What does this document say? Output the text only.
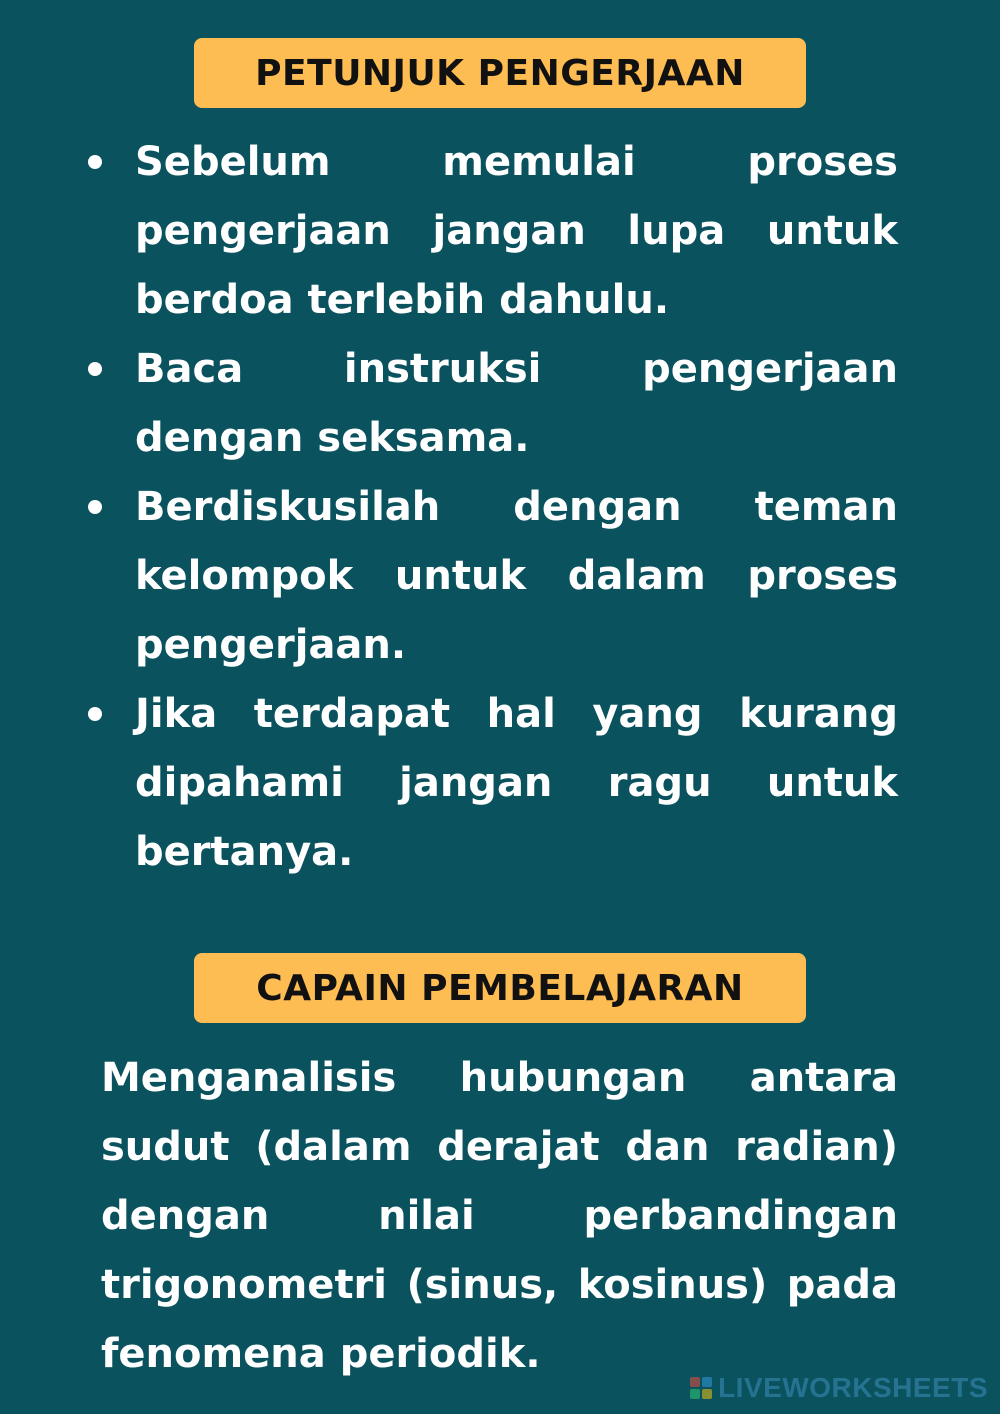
PETUNJUK PENGERJAAN
Sebelum memulai proses pengerjaan jangan lupa untuk berdoa terlebih dahulu.
Baca instruksi pengerjaan dengan seksama.
Berdiskusilah dengan teman kelompok untuk dalam proses pengerjaan.
Jika terdapat hal yang kurang dipahami jangan ragu untuk bertanya.
CAPAIN PEMBELAJARAN

Menganalisis hubungan antara sudut (dalam derajat dan radian) dengan nilai perbandingan trigonometri (sinus, kosinus) pada fenomena periodik.

LIVEWORKSHEETS
